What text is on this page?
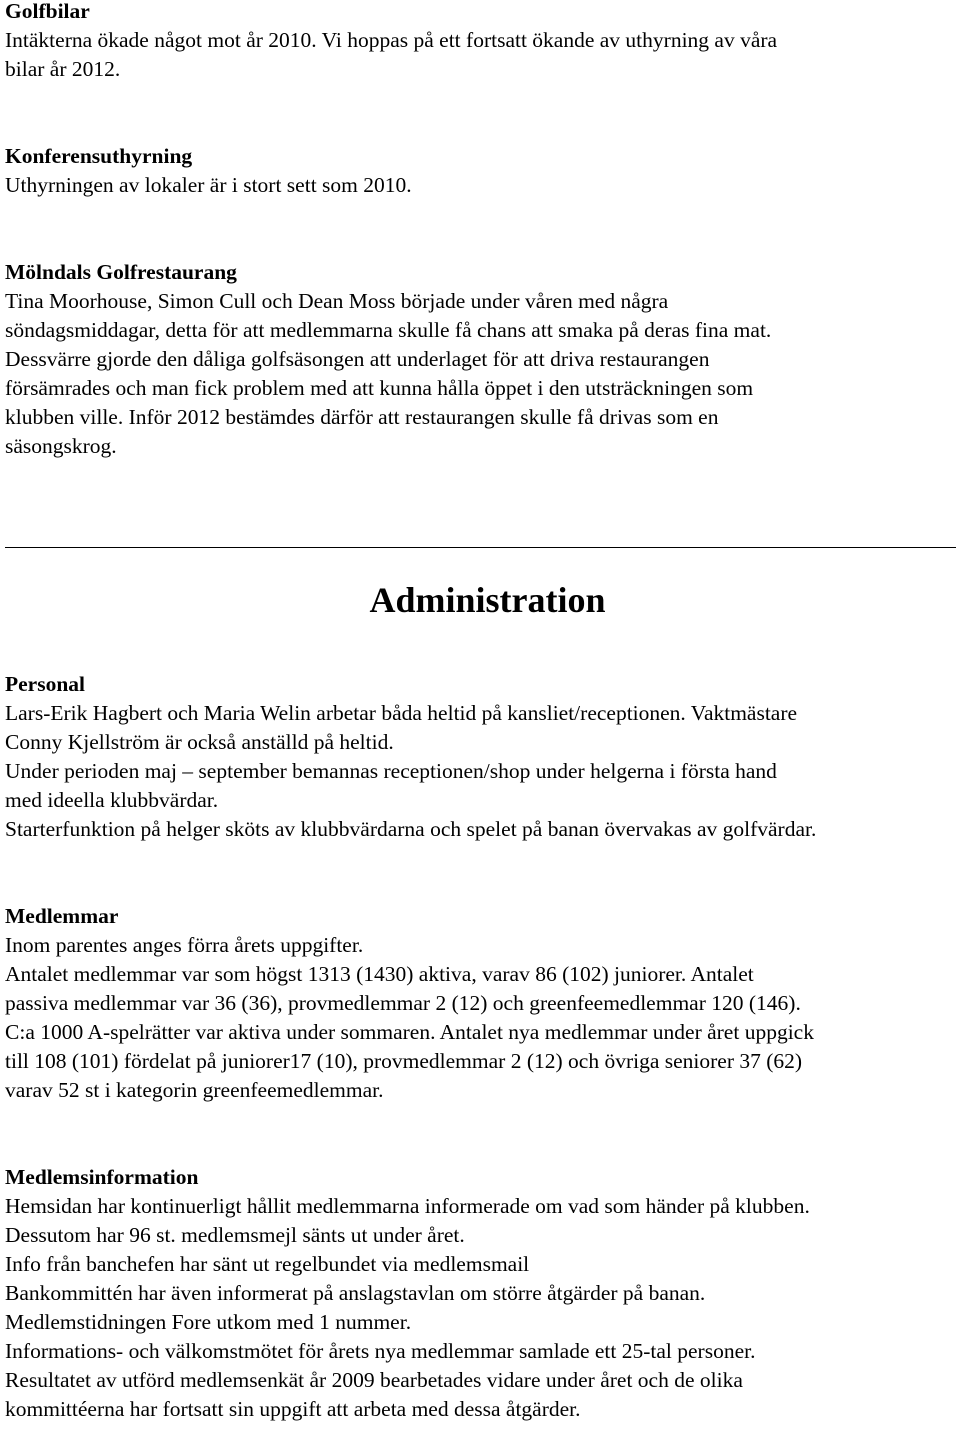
Golfbilar

Intäkterna ökade något mot år 2010. Vi hoppas på ett fortsatt ökande av uthyrning av våra
bilar år 2012.

Konferensuthyrning

Uthyrningen av lokaler är i stort sett som 2010.

Mölndals Golfrestaurang

Tina Moorhouse, Simon Cull och Dean Moss började under våren med några
söndagsmiddagar, detta för att medlemmarna skulle få chans att smaka på deras fina mat.
Dessvärre gjorde den dåliga golfsäsongen att underlaget för att driva restaurangen
försämrades och man fick problem med att kunna hålla öppet i den utsträckningen som
klubben ville. Inför 2012 bestämdes därför att restaurangen skulle få drivas som en
säsongskrog.

Administration

Personal

Lars-Erik Hagbert och Maria Welin arbetar båda heltid på kansliet/receptionen. Vaktmästare
Conny Kjellström är också anställd på heltid.
Under perioden maj – september bemannas receptionen/shop under helgerna i första hand
med ideella klubbvärdar.
Starterfunktion på helger sköts av klubbvärdarna och spelet på banan övervakas av golfvärdar.

Medlemmar

Inom parentes anges förra årets uppgifter.
Antalet medlemmar var som högst 1313 (1430) aktiva, varav 86 (102) juniorer. Antalet
passiva medlemmar var 36 (36), provmedlemmar 2 (12) och greenfeemedlemmar 120 (146).
C:a 1000 A-spelrätter var aktiva under sommaren. Antalet nya medlemmar under året uppgick
till 108 (101) fördelat på juniorer17 (10), provmedlemmar 2 (12) och övriga seniorer 37 (62)
varav 52 st i kategorin greenfeemedlemmar.

Medlemsinformation

Hemsidan har kontinuerligt hållit medlemmarna informerade om vad som händer på klubben.
Dessutom har 96 st. medlemsmejl sänts ut under året.
Info från banchefen har sänt ut regelbundet via medlemsmail
Bankommittén har även informerat på anslagstavlan om större åtgärder på banan.
Medlemstidningen Fore utkom med 1 nummer.
Informations- och välkomstmötet för årets nya medlemmar samlade ett 25-tal personer.
Resultatet av utförd medlemsenkät år 2009 bearbetades vidare under året och de olika
kommittéerna har fortsatt sin uppgift att arbeta med dessa åtgärder.
